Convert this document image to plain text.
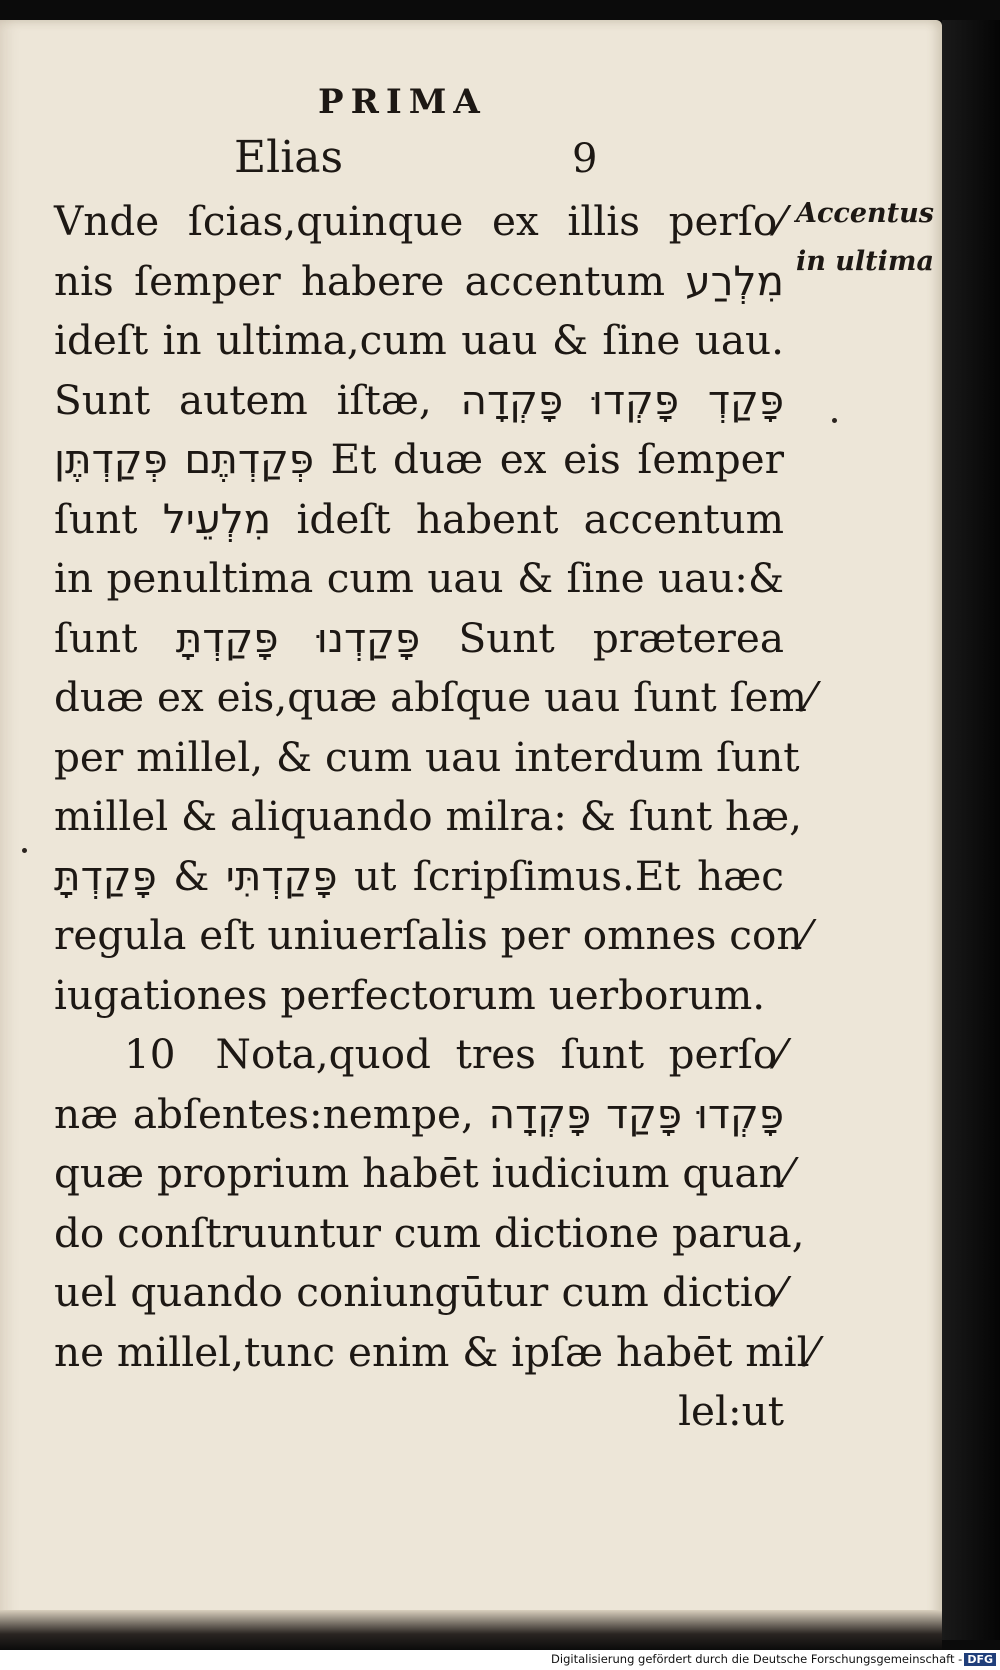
PRIMA
Elias	9
Accentus
in ultima
Vnde ſcias,quinque ex illis perſo⁄
nis ſemper habere accentum מִלְרַע
ideſt in ultima,cum uau & ſine uau.
Sunt autem iſtæ, פָּקַדְ פָּקְדוּ פָּקְדָה
פְּקַדְתֶּם פְּקַדְתֶּן Et duæ ex eis ſemper
ſunt מִלְעֵיל ideſt habent accentum
in penultima cum uau & ſine uau:&
ſunt פָּקַדְנוּ פָּקַדְתָּ Sunt præterea
duæ ex eis,quæ abſque uau ſunt ſem⁄
per millel, & cum uau interdum ſunt
millel & aliquando milra: & ſunt hæ,
פָּקַדְתָּ & פָּקַדְתִּי ut ſcripſimus.Et hæc
regula eſt uniuerſalis per omnes con⁄
iugationes perfectorum uerborum.
10 Nota,quod tres ſunt perſo⁄
næ abſentes:nempe, פָּקְדוּ פָּקַד פָּקְדָה
quæ proprium habēt iudicium quan⁄
do conſtruuntur cum dictione parua,
uel quando coniungūtur cum dictio⁄
ne millel,tunc enim & ipſæ habēt mil⁄
lel:ut
Digitalisierung gefördert durch die Deutsche Forschungsgemeinschaft - DFG
